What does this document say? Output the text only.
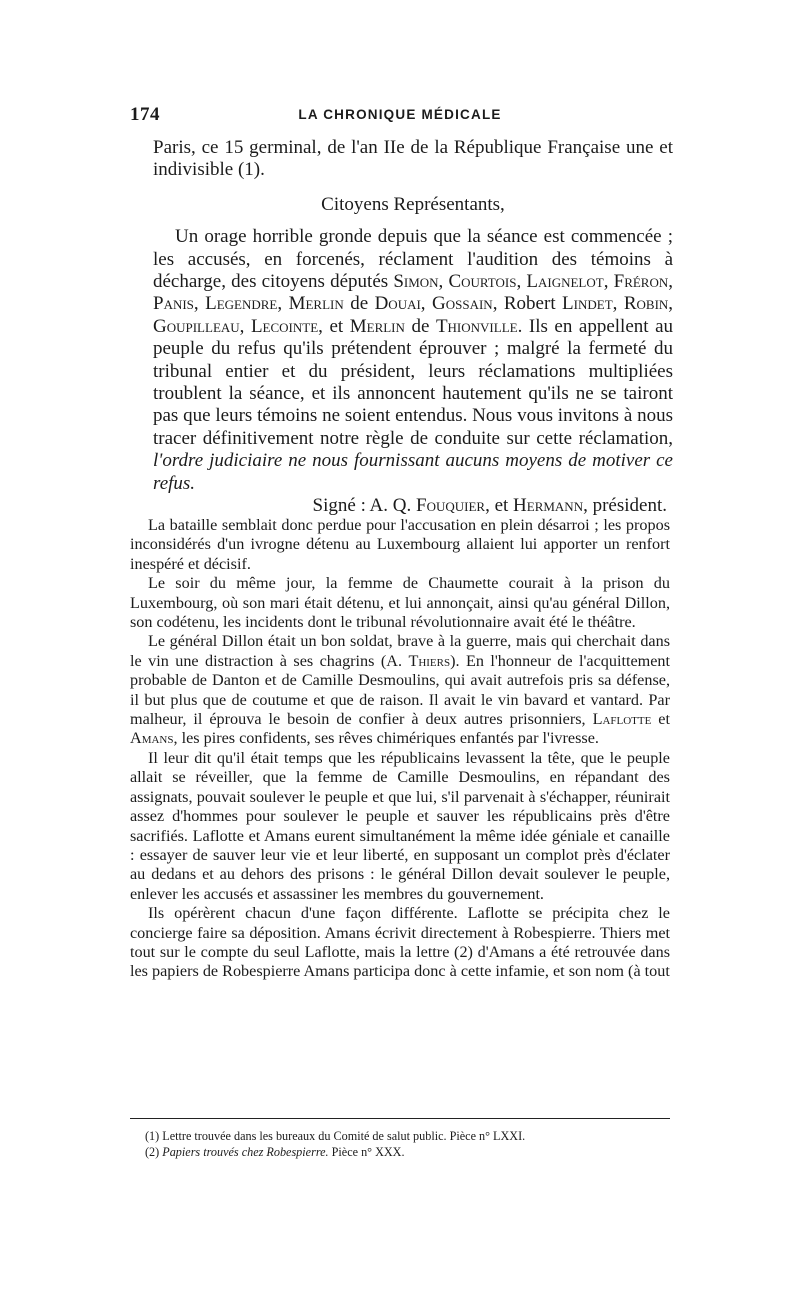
174	LA CHRONIQUE MÉDICALE

Paris, ce 15 germinal, de l'an IIe de la République Française une et indivisible (1).

Citoyens Représentants,

Un orage horrible gronde depuis que la séance est commencée ; les accusés, en forcenés, réclament l'audition des témoins à décharge, des citoyens députés Simon, Courtois, Laignelot, Fréron, Panis, Legendre, Merlin de Douai, Gossain, Robert Lindet, Robin, Goupilleau, Lecointe, et Merlin de Thionville. Ils en appellent au peuple du refus qu'ils prétendent éprouver ; malgré la fermeté du tribunal entier et du président, leurs réclamations multipliées troublent la séance, et ils annoncent hautement qu'ils ne se tairont pas que leurs témoins ne soient entendus. Nous vous invitons à nous tracer définitivement notre règle de conduite sur cette réclamation, l'ordre judiciaire ne nous fournissant aucuns moyens de motiver ce refus.

Signé : A. Q. Fouquier, et Hermann, président.

La bataille semblait donc perdue pour l'accusation en plein désarroi ; les propos inconsidérés d'un ivrogne détenu au Luxembourg allaient lui apporter un renfort inespéré et décisif.

Le soir du même jour, la femme de Chaumette courait à la prison du Luxembourg, où son mari était détenu, et lui annonçait, ainsi qu'au général Dillon, son codétenu, les incidents dont le tribunal révolutionnaire avait été le théâtre.

Le général Dillon était un bon soldat, brave à la guerre, mais qui cherchait dans le vin une distraction à ses chagrins (A. Thiers). En l'honneur de l'acquittement probable de Danton et de Camille Desmoulins, qui avait autrefois pris sa défense, il but plus que de coutume et que de raison. Il avait le vin bavard et vantard. Par malheur, il éprouva le besoin de confier à deux autres prisonniers, Laflotte et Amans, les pires confidents, ses rêves chimériques enfantés par l'ivresse.

Il leur dit qu'il était temps que les républicains levassent la tête, que le peuple allait se réveiller, que la femme de Camille Desmoulins, en répandant des assignats, pouvait soulever le peuple et que lui, s'il parvenait à s'échapper, réunirait assez d'hommes pour soulever le peuple et sauver les républicains près d'être sacrifiés. Laflotte et Amans eurent simultanément la même idée géniale et canaille : essayer de sauver leur vie et leur liberté, en supposant un complot près d'éclater au dedans et au dehors des prisons : le général Dillon devait soulever le peuple, enlever les accusés et assassiner les membres du gouvernement.

Ils opérèrent chacun d'une façon différente. Laflotte se précipita chez le concierge faire sa déposition. Amans écrivit directement à Robespierre. Thiers met tout sur le compte du seul Laflotte, mais la lettre (2) d'Amans a été retrouvée dans les papiers de Robespierre Amans participa donc à cette infamie, et son nom (à tout

(1) Lettre trouvée dans les bureaux du Comité de salut public. Pièce n° LXXI.

(2) Papiers trouvés chez Robespierre. Pièce n° XXX.
